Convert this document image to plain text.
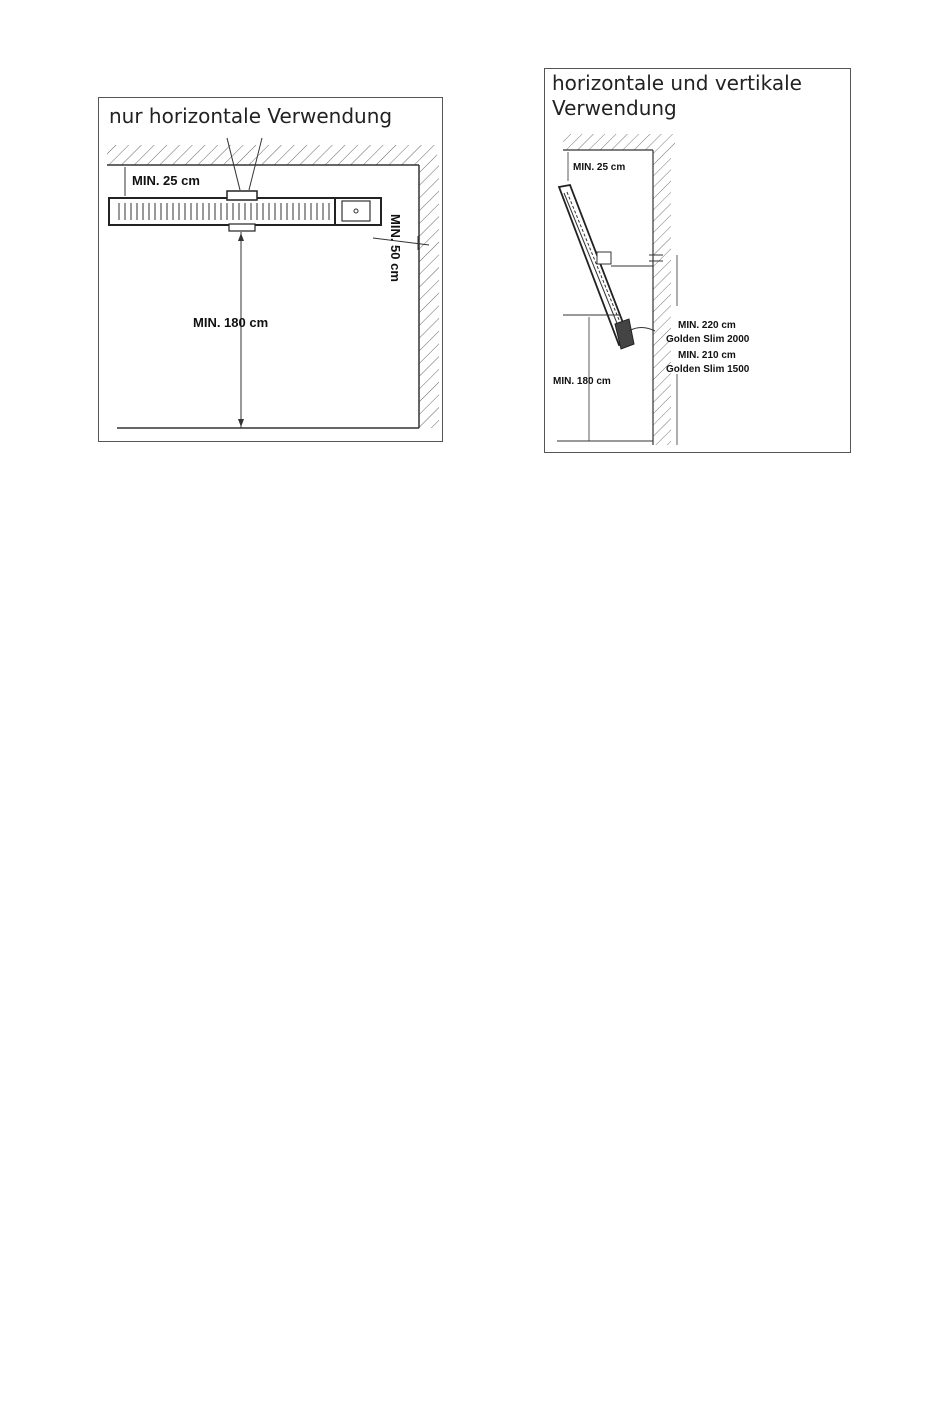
nur horizontale Verwendung
MIN. 25 cm
MIN. 50 cm
MIN. 180 cm
horizontale und vertikale
Verwendung
MIN. 25 cm
MIN. 180 cm
MIN. 220 cm
Golden Slim 2000
MIN. 210 cm
Golden Slim 1500
